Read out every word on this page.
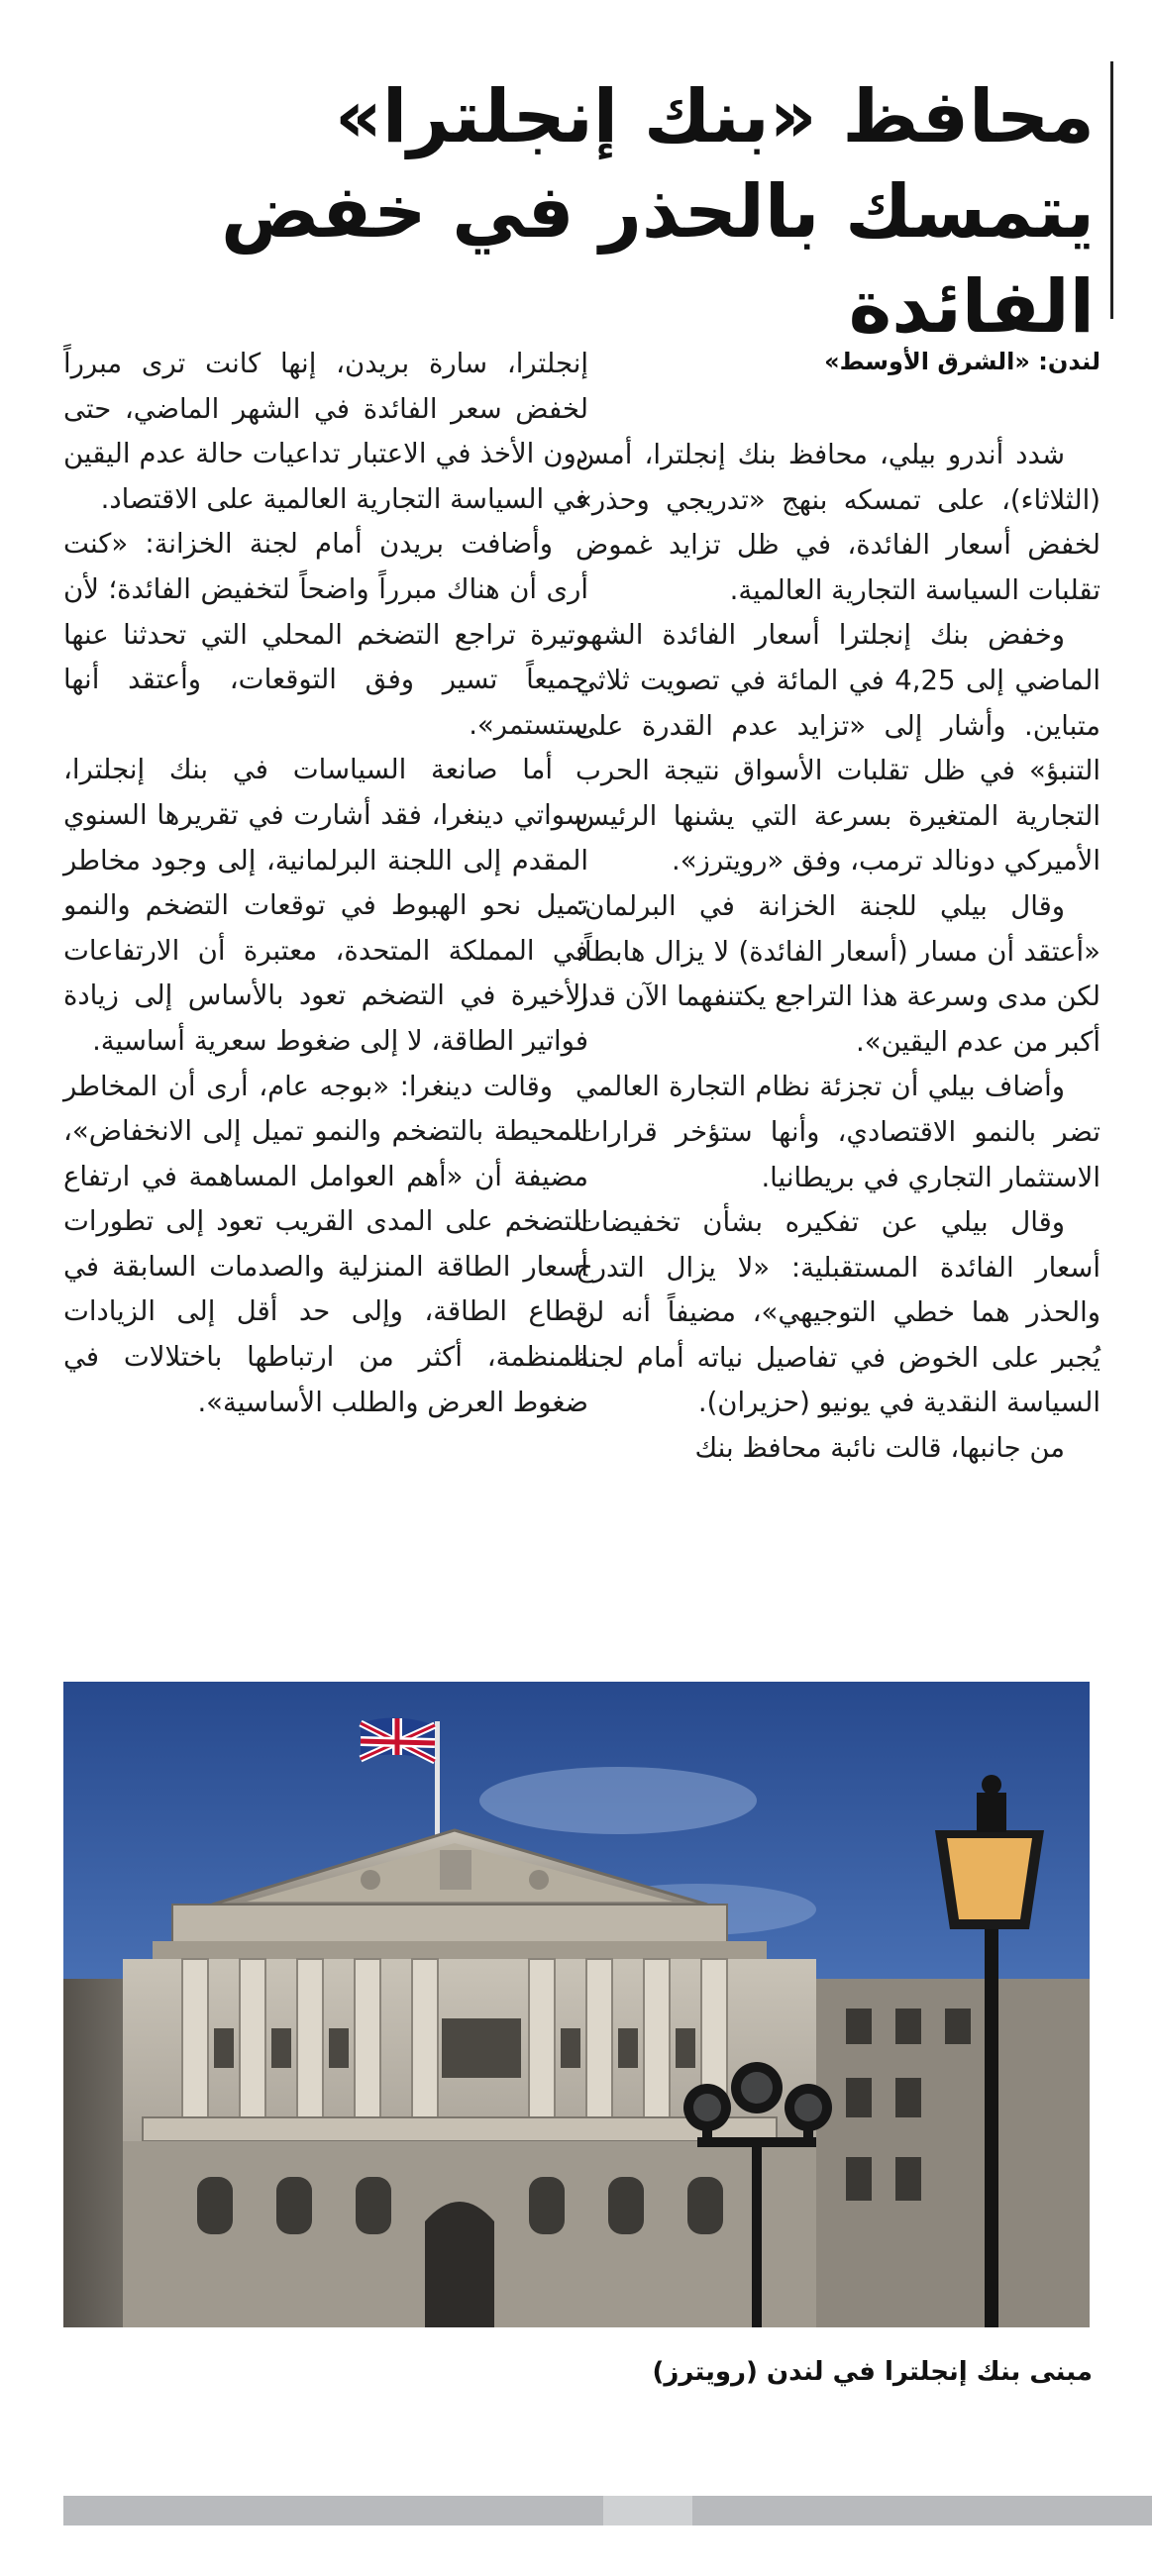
محافظ «بنك إنجلترا»
يتمسك بالحذر في خفض الفائدة
لندن: «الشرق الأوسط»

شدد أندرو بيلي، محافظ بنك إنجلترا، أمس (الثلاثاء)، على تمسكه بنهج «تدريجي وحذر» لخفض أسعار الفائدة، في ظل تزايد غموض تقلبات السياسة التجارية العالمية.

وخفض بنك إنجلترا أسعار الفائدة الشهر الماضي إلى 4,25 في المائة في تصويت ثلاثي متباين. وأشار إلى «تزايد عدم القدرة على التنبؤ» في ظل تقلبات الأسواق نتيجة الحرب التجارية المتغيرة بسرعة التي يشنها الرئيس الأميركي دونالد ترمب، وفق «رويترز».

وقال بيلي للجنة الخزانة في البرلمان: «أعتقد أن مسار (أسعار الفائدة) لا يزال هابطاً، لكن مدى وسرعة هذا التراجع يكتنفهما الآن قدر أكبر من عدم اليقين».

وأضاف بيلي أن تجزئة نظام التجارة العالمي تضر بالنمو الاقتصادي، وأنها ستؤخر قرارات الاستثمار التجاري في بريطانيا.

وقال بيلي عن تفكيره بشأن تخفيضات أسعار الفائدة المستقبلية: «لا يزال التدرج والحذر هما خطي التوجيهي»، مضيفاً أنه لن يُجبر على الخوض في تفاصيل نياته أمام لجنة السياسة النقدية في يونيو (حزيران).

من جانبها، قالت نائبة محافظ بنك

إنجلترا، سارة بريدن، إنها كانت ترى مبرراً لخفض سعر الفائدة في الشهر الماضي، حتى دون الأخذ في الاعتبار تداعيات حالة عدم اليقين في السياسة التجارية العالمية على الاقتصاد.

وأضافت بريدن أمام لجنة الخزانة: «كنت أرى أن هناك مبرراً واضحاً لتخفيض الفائدة؛ لأن وتيرة تراجع التضخم المحلي التي تحدثنا عنها جميعاً تسير وفق التوقعات، وأعتقد أنها ستستمر».

أما صانعة السياسات في بنك إنجلترا، سواتي دينغرا، فقد أشارت في تقريرها السنوي المقدم إلى اللجنة البرلمانية، إلى وجود مخاطر تميل نحو الهبوط في توقعات التضخم والنمو في المملكة المتحدة، معتبرة أن الارتفاعات الأخيرة في التضخم تعود بالأساس إلى زيادة فواتير الطاقة، لا إلى ضغوط سعرية أساسية.

وقالت دينغرا: «بوجه عام، أرى أن المخاطر المحيطة بالتضخم والنمو تميل إلى الانخفاض»، مضيفة أن «أهم العوامل المساهمة في ارتفاع التضخم على المدى القريب تعود إلى تطورات أسعار الطاقة المنزلية والصدمات السابقة في قطاع الطاقة، وإلى حد أقل إلى الزيادات المنظمة، أكثر من ارتباطها باختلالات في ضغوط العرض والطلب الأساسية».

مبنى بنك إنجلترا في لندن (رويترز)
